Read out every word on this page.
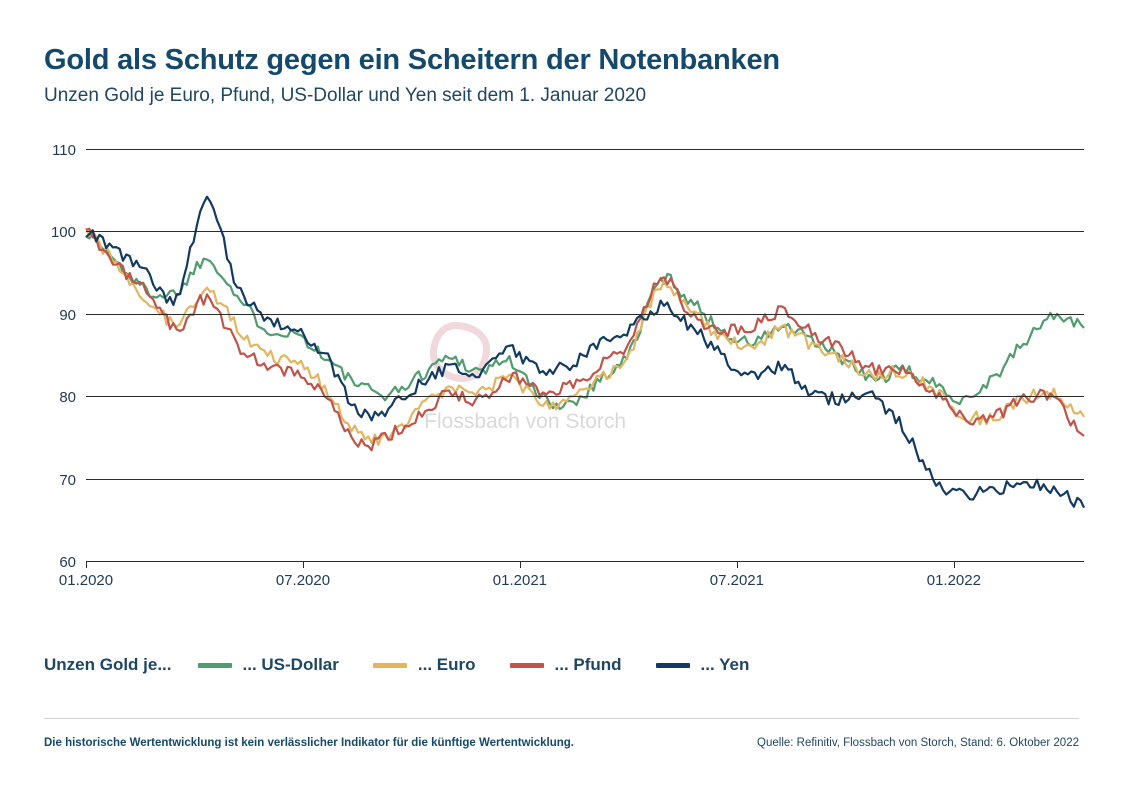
Gold als Schutz gegen ein Scheitern der Notenbanken
Unzen Gold je Euro, Pfund, US-Dollar und Yen seit dem 1. Januar 2020
Flossbach von Storch
60
70
80
90
100
110
01.2020	07.2020	01.2021	07.2021	01.2022
Unzen Gold je...	... US-Dollar	... Euro	... Pfund	... Yen
Die historische Wertentwicklung ist kein verlässlicher Indikator für die künftige Wertentwicklung.	Quelle: Refinitiv, Flossbach von Storch, Stand: 6. Oktober 2022
